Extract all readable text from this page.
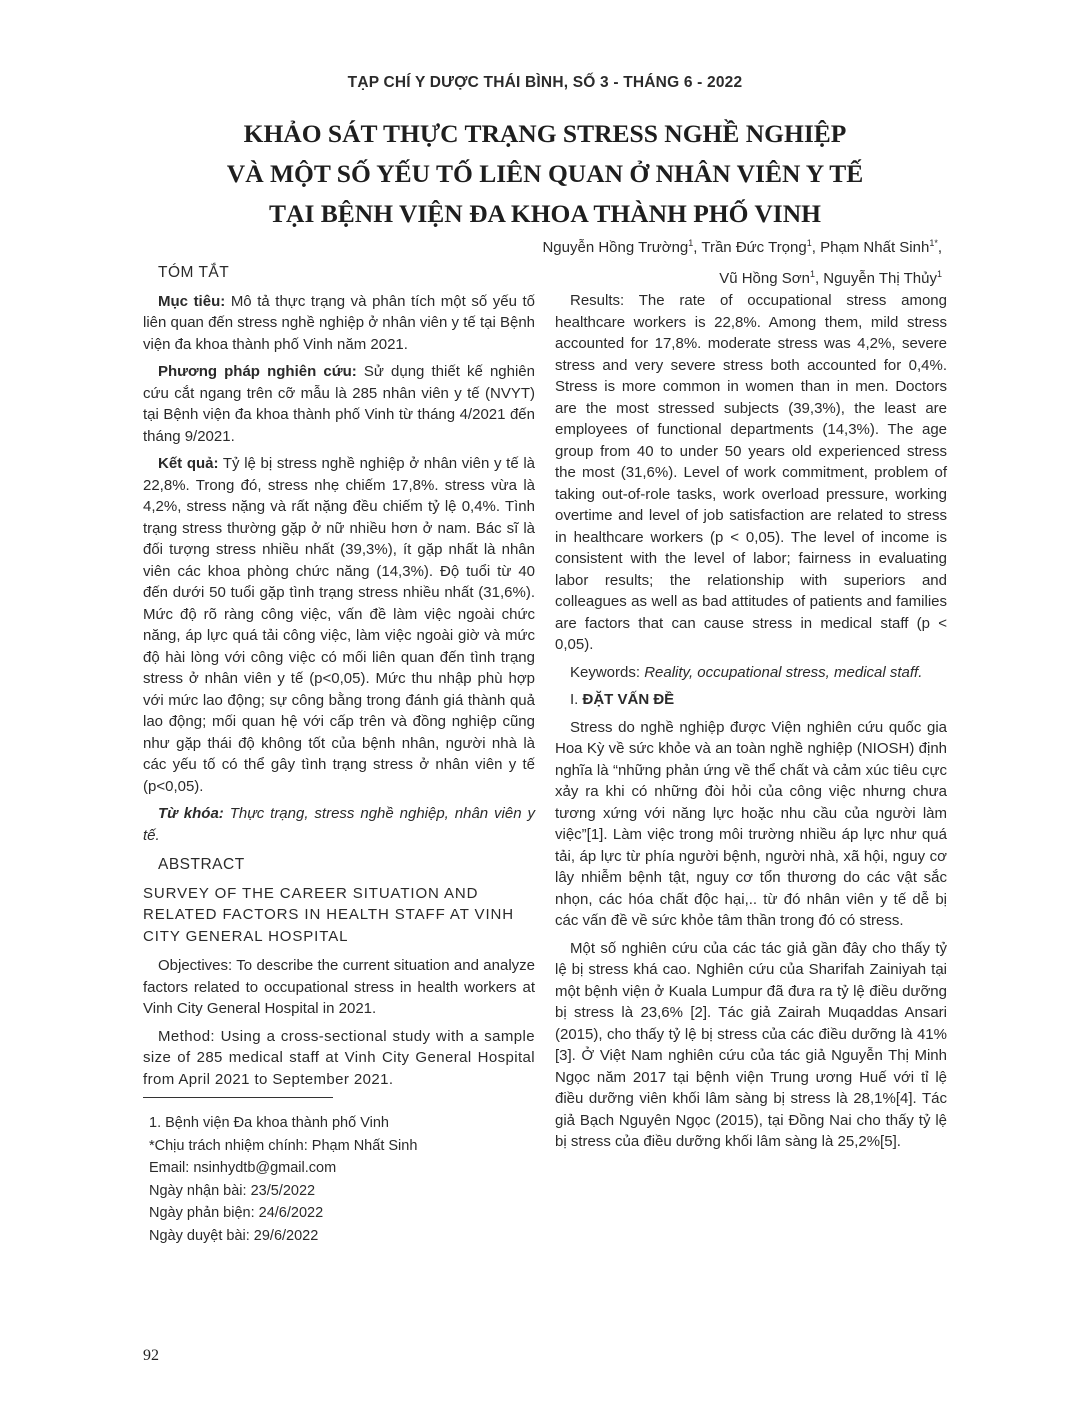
TẠP CHÍ Y DƯỢC THÁI BÌNH, SỐ 3 - THÁNG 6 - 2022
KHẢO SÁT THỰC TRẠNG STRESS NGHỀ NGHIỆP
VÀ MỘT SỐ YẾU TỐ LIÊN QUAN Ở NHÂN VIÊN Y TẾ
TẠI BỆNH VIỆN ĐA KHOA THÀNH PHỐ VINH
Nguyễn Hồng Trường$^1$, Trần Đức Trọng$^1$, Phạm Nhất Sinh$^{1*}$,
Vũ Hồng Sơn$^1$, Nguyễn Thị Thủy$^1$
TÓM TẮT

Mục tiêu: Mô tả thực trạng và phân tích một số yếu tố liên quan đến stress nghề nghiệp ở nhân viên y tế tại Bệnh viện đa khoa thành phố Vinh năm 2021.

Phương pháp nghiên cứu: Sử dụng thiết kế nghiên cứu cắt ngang trên cỡ mẫu là 285 nhân viên y tế (NVYT) tại Bệnh viện đa khoa thành phố Vinh từ tháng 4/2021 đến tháng 9/2021.

Kết quả: Tỷ lệ bị stress nghề nghiệp ở nhân viên y tế là 22,8%. Trong đó, stress nhẹ chiếm 17,8%. stress vừa là 4,2%, stress nặng và rất nặng đều chiếm tỷ lệ 0,4%. Tình trạng stress thường gặp ở nữ nhiều hơn ở nam. Bác sĩ là đối tượng stress nhiều nhất (39,3%), ít gặp nhất là nhân viên các khoa phòng chức năng (14,3%). Độ tuổi từ 40 đến dưới 50 tuổi gặp tình trạng stress nhiều nhất (31,6%). Mức độ rõ ràng công việc, vấn đề làm việc ngoài chức năng, áp lực quá tải công việc, làm việc ngoài giờ và mức độ hài lòng với công việc có mối liên quan đến tình trạng stress ở nhân viên y tế (p<0,05). Mức thu nhập phù hợp với mức lao động; sự công bằng trong đánh giá thành quả lao động; mối quan hệ với cấp trên và đồng nghiệp cũng như gặp thái độ không tốt của bệnh nhân, người nhà là các yếu tố có thể gây tình trạng stress ở nhân viên y tế (p<0,05).

Từ khóa: Thực trạng, stress nghề nghiệp, nhân viên y tế.

ABSTRACT

SURVEY OF THE CAREER SITUATION AND RELATED FACTORS IN HEALTH STAFF AT VINH CITY GENERAL HOSPITAL

Objectives: To describe the current situation and analyze factors related to occupational stress in health workers at Vinh City General Hospital in 2021.

Method: Using a cross-sectional study with a sample size of 285 medical staff at Vinh City General Hospital from April 2021 to September 2021.

1. Bệnh viện Đa khoa thành phố Vinh
*Chịu trách nhiệm chính: Phạm Nhất Sinh
Email: nsinhydtb@gmail.com
Ngày nhận bài: 23/5/2022
Ngày phản biện: 24/6/2022
Ngày duyệt bài: 29/6/2022

Results: The rate of occupational stress among healthcare workers is 22,8%. Among them, mild stress accounted for 17,8%. moderate stress was 4,2%, severe stress and very severe stress both accounted for 0,4%. Stress is more common in women than in men. Doctors are the most stressed subjects (39,3%), the least are employees of functional departments (14,3%). The age group from 40 to under 50 years old experienced stress the most (31,6%). Level of work commitment, problem of taking out-of-role tasks, work overload pressure, working overtime and level of job satisfaction are related to stress in healthcare workers (p < 0,05). The level of income is consistent with the level of labor; fairness in evaluating labor results; the relationship with superiors and colleagues as well as bad attitudes of patients and families are factors that can cause stress in medical staff (p < 0,05).

Keywords: Reality, occupational stress, medical staff.

I. ĐẶT VẤN ĐỀ

Stress do nghề nghiệp được Viện nghiên cứu quốc gia Hoa Kỳ về sức khỏe và an toàn nghề nghiệp (NIOSH) định nghĩa là “những phản ứng về thể chất và cảm xúc tiêu cực xảy ra khi có những đòi hỏi của công việc nhưng chưa tương xứng với năng lực hoặc nhu cầu của người làm việc”[1]. Làm việc trong môi trường nhiều áp lực như quá tải, áp lực từ phía người bệnh, người nhà, xã hội, nguy cơ lây nhiễm bệnh tật, nguy cơ tổn thương do các vật sắc nhọn, các hóa chất độc hại,.. từ đó nhân viên y tế dễ bị các vấn đề về sức khỏe tâm thần trong đó có stress.

Một số nghiên cứu của các tác giả gần đây cho thấy tỷ lệ bị stress khá cao. Nghiên cứu của Sharifah Zainiyah tại một bệnh viện ở Kuala Lumpur đã đưa ra tỷ lệ điều dưỡng bị stress là 23,6% [2]. Tác giả Zairah Muqaddas Ansari (2015), cho thấy tỷ lệ bị stress của các điều dưỡng là 41% [3]. Ở Việt Nam nghiên cứu của tác giả Nguyễn Thị Minh Ngọc năm 2017 tại bệnh viện Trung ương Huế với tỉ lệ điều dưỡng viên khối lâm sàng bị stress là 28,1%[4]. Tác giả Bạch Nguyên Ngọc (2015), tại Đồng Nai cho thấy tỷ lệ bị stress của điều dưỡng khối lâm sàng là 25,2%[5].

92
